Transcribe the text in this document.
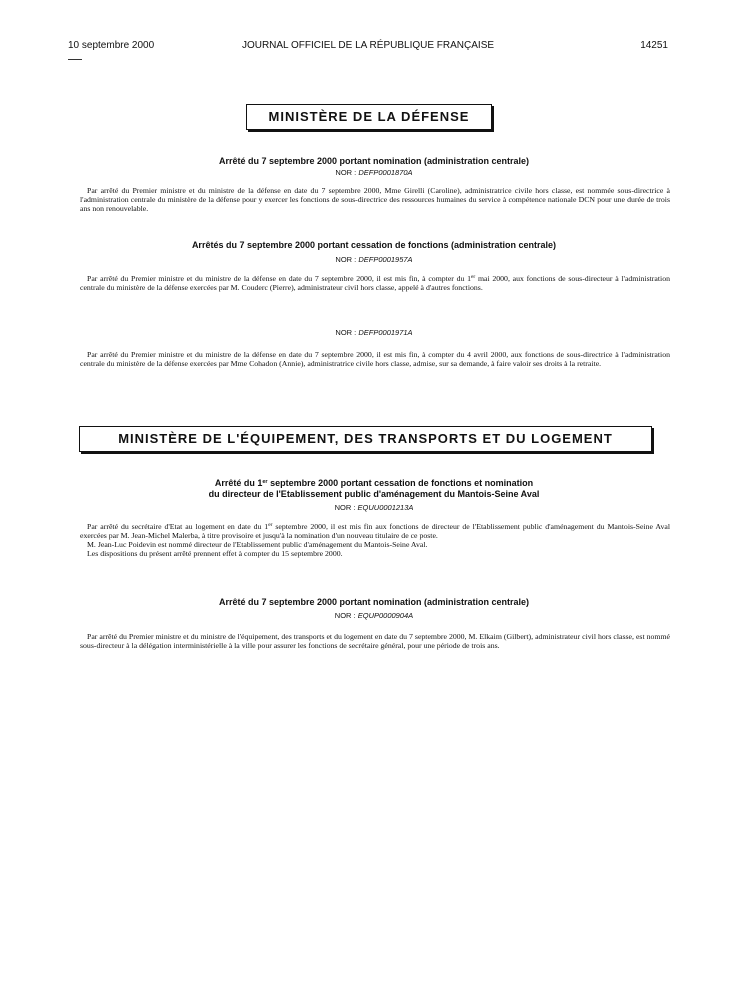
10 septembre 2000	JOURNAL OFFICIEL DE LA RÉPUBLIQUE FRANÇAISE	14251
MINISTÈRE DE LA DÉFENSE
Arrêté du 7 septembre 2000 portant nomination (administration centrale)
NOR : DEFP0001870A

Par arrêté du Premier ministre et du ministre de la défense en date du 7 septembre 2000, Mme Girelli (Caroline), administratrice civile hors classe, est nommée sous-directrice à l'administration centrale du ministère de la défense pour y exercer les fonctions de sous-directrice des ressources humaines du service à compétence nationale DCN pour une durée de trois ans non renouvelable.

Arrêtés du 7 septembre 2000 portant cessation de fonctions (administration centrale)
NOR : DEFP0001957A

Par arrêté du Premier ministre et du ministre de la défense en date du 7 septembre 2000, il est mis fin, à compter du 1er mai 2000, aux fonctions de sous-directeur à l'administration centrale du ministère de la défense exercées par M. Couderc (Pierre), administrateur civil hors classe, appelé à d'autres fonctions.

NOR : DEFP0001971A

Par arrêté du Premier ministre et du ministre de la défense en date du 7 septembre 2000, il est mis fin, à compter du 4 avril 2000, aux fonctions de sous-directrice à l'administration centrale du ministère de la défense exercées par Mme Cohadon (Annie), administratrice civile hors classe, admise, sur sa demande, à faire valoir ses droits à la retraite.

MINISTÈRE DE L'ÉQUIPEMENT, DES TRANSPORTS ET DU LOGEMENT
Arrêté du 1er septembre 2000 portant cessation de fonctions et nomination
du directeur de l'Etablissement public d'aménagement du Mantois-Seine Aval
NOR : EQUU0001213A

Par arrêté du secrétaire d'Etat au logement en date du 1er septembre 2000, il est mis fin aux fonctions de directeur de l'Etablissement public d'aménagement du Mantois-Seine Aval exercées par M. Jean-Michel Malerba, à titre provisoire et jusqu'à la nomination d'un nouveau titulaire de ce poste.

M. Jean-Luc Poidevin est nommé directeur de l'Etablissement public d'aménagement du Mantois-Seine Aval.

Les dispositions du présent arrêté prennent effet à compter du 15 septembre 2000.

Arrêté du 7 septembre 2000 portant nomination (administration centrale)
NOR : EQUP0000904A

Par arrêté du Premier ministre et du ministre de l'équipement, des transports et du logement en date du 7 septembre 2000, M. Elkaim (Gilbert), administrateur civil hors classe, est nommé sous-directeur à la délégation interministérielle à la ville pour assurer les fonctions de secrétaire général, pour une période de trois ans.
